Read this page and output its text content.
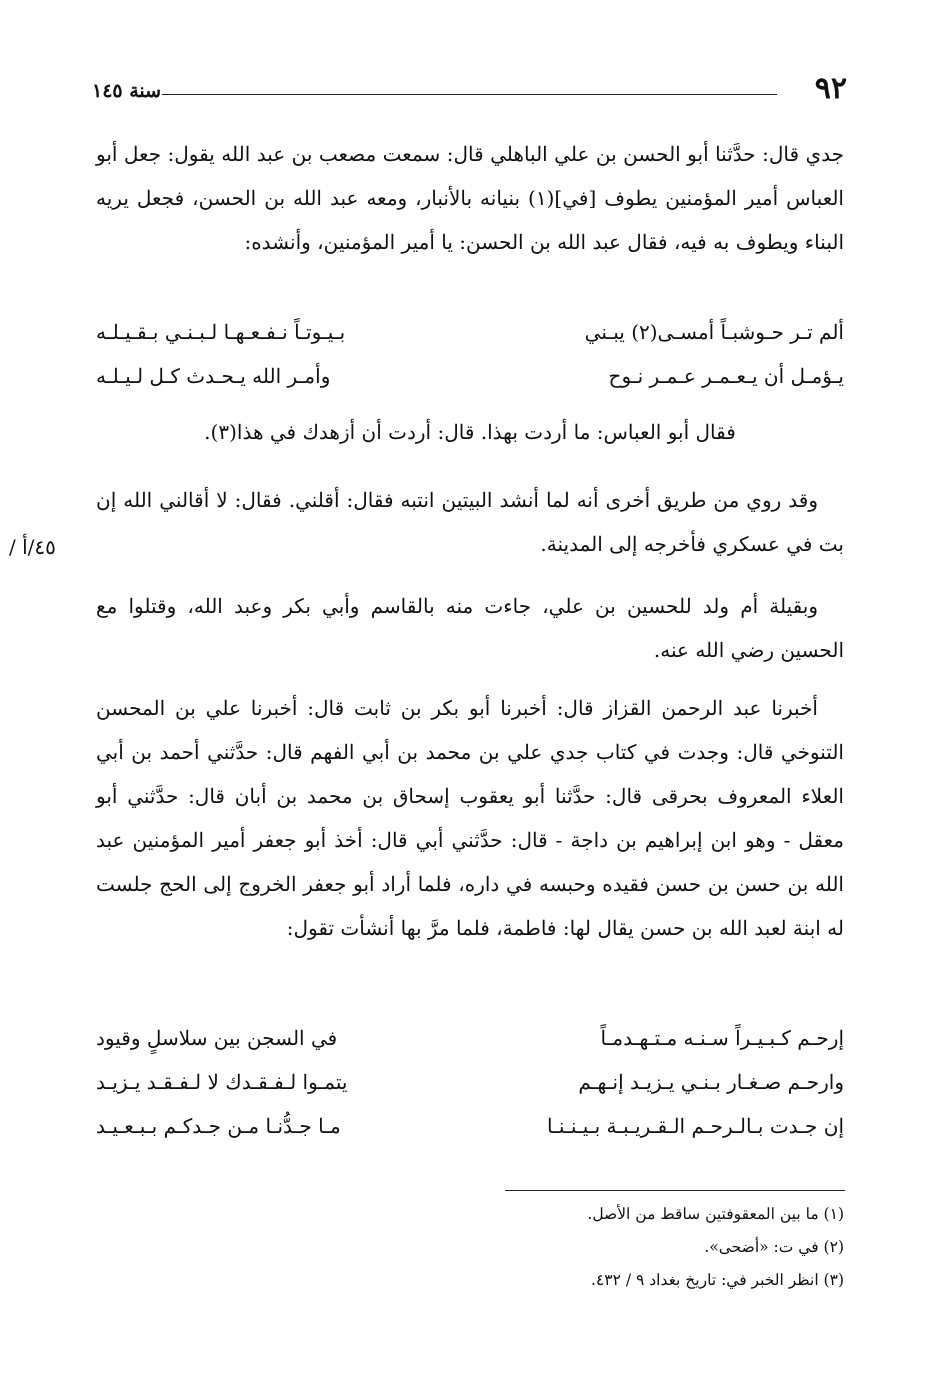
٩٢
سنة ١٤٥

جدي قال: حدَّثنا أبو الحسن بن علي الباهلي قال: سمعت مصعب بن عبد الله يقول: جعل أبو العباس أمير المؤمنين يطوف [في](١) بنيانه بالأنبار، ومعه عبد الله بن الحسن، فجعل يريه البناء ويطوف به فيه، فقال عبد الله بن الحسن: يا أمير المؤمنين، وأنشده:

ألم تـر حـوشبـاً أمسـى(٢) يبـني
بـيـوتـاً نـفـعـهـا لـبـنـي بـقـيـلـه
يـؤمـل أن يـعـمـر عـمـر نـوح
وأمـر الله يـحـدث كـل لـيـلـه

فقال أبو العباس: ما أردت بهذا. قال: أردت أن أزهدك في هذا(٣).

وقد روي من طريق أخرى أنه لما أنشد البيتين انتبه فقال: أقلني. فقال: لا أقالني الله إن بت في عسكري فأخرجه إلى المدينة.

٤٥/أ /

وبقيلة أم ولد للحسين بن علي، جاءت منه بالقاسم وأبي بكر وعبد الله، وقتلوا مع الحسين رضي الله عنه.

أخبرنا عبد الرحمن القزاز قال: أخبرنا أبو بكر بن ثابت قال: أخبرنا علي بن المحسن التنوخي قال: وجدت في كتاب جدي علي بن محمد بن أبي الفهم قال: حدَّثني أحمد بن أبي العلاء المعروف بحرقى قال: حدَّثنا أبو يعقوب إسحاق بن محمد بن أبان قال: حدَّثني أبو معقل - وهو ابن إبراهيم بن داجة - قال: حدَّثني أبي قال: أخذ أبو جعفر أمير المؤمنين عبد الله بن حسن بن حسن فقيده وحبسه في داره، فلما أراد أبو جعفر الخروج إلى الحج جلست له ابنة لعبد الله بن حسن يقال لها: فاطمة، فلما مرَّ بها أنشأت تقول:

إرحـم كـبـيـراً سـنـه مـتـهـدمـاً
في السجن بين سلاسلٍ وقيود
وارحـم صـغـار بـنـي يـزيـد إنـهـم
يتمـوا لـفـقـدك لا لـفـقـد يـزيـد
إن جـدت بـالـرحـم الـقـريـبـة بـيـنـنـا
مـا جـدُّنـا مـن جـدكـم بـبـعـيـد
(١) ما بين المعقوفتين ساقط من الأصل.
(٢) في ت: «أضحى».
(٣) انظر الخبر في: تاريخ بغداد ٩ / ٤٣٢.
